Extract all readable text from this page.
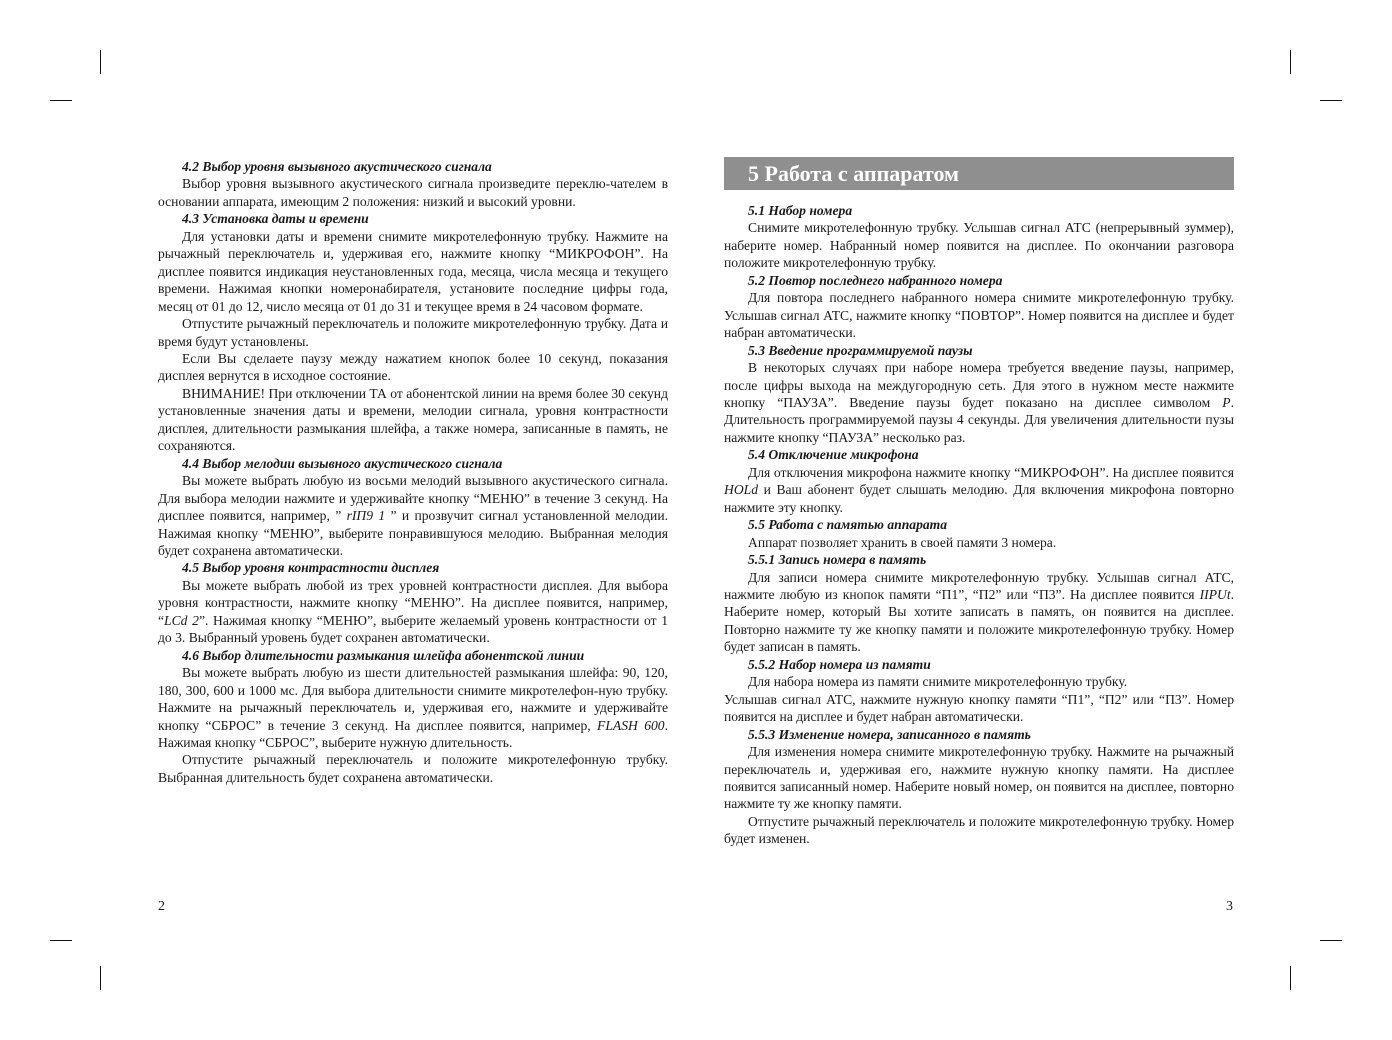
4.2 Выбор уровня вызывного акустического сигнала

Выбор уровня вызывного акустического сигнала произведите переклю-чателем в основании аппарата, имеющим 2 положения: низкий и высокий уровни.

4.3 Установка даты и времени

Для установки даты и времени снимите микротелефонную трубку. Нажмите на рычажный переключатель и, удерживая его, нажмите кнопку “МИКРОФОН”. На дисплее появится индикация неустановленных года, месяца, числа месяца и текущего времени. Нажимая кнопки номеронабирателя, установите последние цифры года, месяц от 01 до 12, число месяца от 01 до 31 и текущее время в 24 часовом формате.

Отпустите рычажный переключатель и положите микротелефонную трубку. Дата и время будут установлены.

Если Вы сделаете паузу между нажатием кнопок более 10 секунд, показания дисплея вернутся в исходное состояние.

ВНИМАНИЕ! При отключении ТА от абонентской линии на время более 30 секунд установленные значения даты и времени, мелодии сигнала, уровня контрастности дисплея, длительности размыкания шлейфа, а также номера, записанные в память, не сохраняются.

4.4 Выбор мелодии вызывного акустического сигнала

Вы можете выбрать любую из восьми мелодий вызывного акустического сигнала. Для выбора мелодии нажмите и удерживайте кнопку “МЕНЮ” в течение 3 секунд. На дисплее появится, например, ” rIП9 1 ” и прозвучит сигнал установленной мелодии. Нажимая кнопку “МЕНЮ”, выберите понравившуюся мелодию. Выбранная мелодия будет сохранена автоматически.

4.5 Выбор уровня контрастности дисплея

Вы можете выбрать любой из трех уровней контрастности дисплея. Для выбора уровня контрастности, нажмите кнопку “МЕНЮ”. На дисплее появится, например, “LCd 2”. Нажимая кнопку “МЕНЮ”, выберите желаемый уровень контрастности от 1 до 3. Выбранный уровень будет сохранен автоматически.

4.6 Выбор длительности размыкания шлейфа абонентской линии

Вы можете выбрать любую из шести длительностей размыкания шлейфа: 90, 120, 180, 300, 600 и 1000 мс. Для выбора длительности снимите микротелефон-ную трубку. Нажмите на рычажный переключатель и, удерживая его, нажмите и удерживайте кнопку “СБРОС” в течение 3 секунд. На дисплее появится, например, FLASH 600. Нажимая кнопку “СБРОС”, выберите нужную длительность.

Отпустите рычажный переключатель и положите микротелефонную трубку. Выбранная длительность будет сохранена автоматически.

5 Работа с аппаратом
5.1 Набор номера

Снимите микротелефонную трубку. Услышав сигнал АТС (непрерывный зуммер), наберите номер. Набранный номер появится на дисплее. По окончании разговора положите микротелефонную трубку.

5.2 Повтор последнего набранного номера

Для повтора последнего набранного номера снимите микротелефонную трубку. Услышав сигнал АТС, нажмите кнопку “ПОВТОР”. Номер появится на дисплее и будет набран автоматически.

5.3 Введение программируемой паузы

В некоторых случаях при наборе номера требуется введение паузы, например, после цифры выхода на междугородную сеть. Для этого в нужном месте нажмите кнопку “ПАУЗА”. Введение паузы будет показано на дисплее символом P. Длительность программируемой паузы 4 секунды. Для увеличения длительности пузы нажмите кнопку “ПАУЗА” несколько раз.

5.4 Отключение микрофона

Для отключения микрофона нажмите кнопку “МИКРОФОН”. На дисплее появится HOLd и Ваш абонент будет слышать мелодию. Для включения микрофона повторно нажмите эту кнопку.

5.5 Работа с памятью аппарата

Аппарат позволяет хранить в своей памяти 3 номера.

5.5.1 Запись номера в память

Для записи номера снимите микротелефонную трубку. Услышав сигнал АТС, нажмите любую из кнопок памяти “П1”, “П2” или “П3”. На дисплее появится IIPUt. Наберите номер, который Вы хотите записать в память, он появится на дисплее. Повторно нажмите ту же кнопку памяти и положите микротелефонную трубку. Номер будет записан в память.

5.5.2 Набор номера из памяти

Для набора номера из памяти снимите микротелефонную трубку.

Услышав сигнал АТС, нажмите нужную кнопку памяти “П1”, “П2” или “П3”. Номер появится на дисплее и будет набран автоматически.

5.5.3 Изменение номера, записанного в память

Для изменения номера снимите микротелефонную трубку. Нажмите на рычажный переключатель и, удерживая его, нажмите нужную кнопку памяти. На дисплее появится записанный номер. Наберите новый номер, он появится на дисплее, повторно нажмите ту же кнопку памяти.

Отпустите рычажный переключатель и положите микротелефонную трубку. Номер будет изменен.

2	3
